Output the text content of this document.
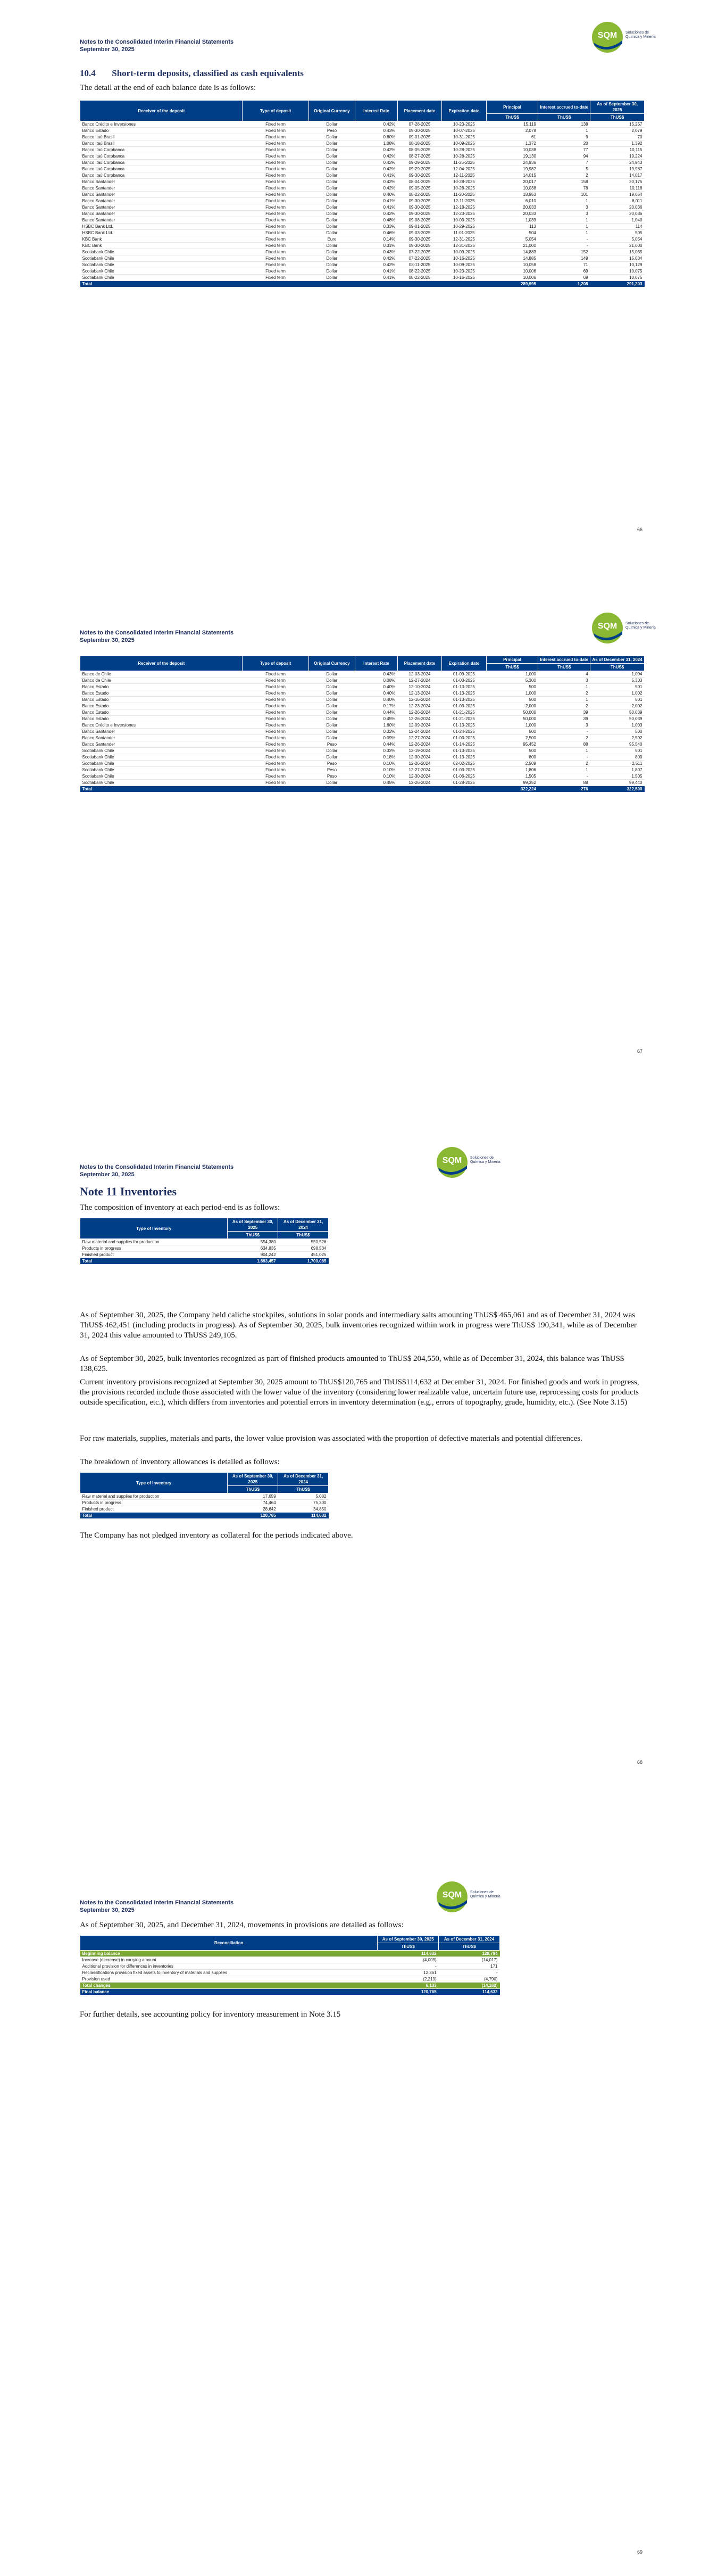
Notes to the Consolidated Interim Financial Statements
September 30, 2025
SQM Soluciones de Química y Minería
10.4 Short-term deposits, classified as cash equivalents

The detail at the end of each balance date is as follows:

Receiver of the deposit	Type of deposit	Original Currency	Interest Rate	Placement date	Expiration date	Principal	Interest accrued to-date	As of September 30, 2025
						ThUS$	ThUS$	ThUS$
Banco Crédito e Inversiones	Fixed term	Dollar	0.42%	07-28-2025	10-23-2025	15,119	138	15,257
Banco Estado	Fixed term	Peso	0.43%	09-30-2025	10-07-2025	2,078	1	2,079
Banco Itaú Brasil	Fixed term	Dollar	0.80%	09-01-2025	10-31-2025	61	9	70
Banco Itaú Brasil	Fixed term	Dollar	1.08%	08-18-2025	10-09-2025	1,372	20	1,392
Banco Itaú Corpbanca	Fixed term	Dollar	0.42%	08-05-2025	10-28-2025	10,038	77	10,115
Banco Itaú Corpbanca	Fixed term	Dollar	0.42%	08-27-2025	10-28-2025	19,130	94	19,224
Banco Itaú Corpbanca	Fixed term	Dollar	0.42%	09-29-2025	11-26-2025	24,936	7	24,943
Banco Itaú Corpbanca	Fixed term	Dollar	0.42%	09-29-2025	12-04-2025	19,982	5	19,987
Banco Itaú Corpbanca	Fixed term	Dollar	0.41%	09-30-2025	12-11-2025	14,015	2	14,017
Banco Santander	Fixed term	Dollar	0.42%	08-04-2025	10-28-2025	20,017	158	20,175
Banco Santander	Fixed term	Dollar	0.42%	09-05-2025	10-28-2025	10,038	78	10,116
Banco Santander	Fixed term	Dollar	0.40%	08-22-2025	11-20-2025	18,953	101	19,054
Banco Santander	Fixed term	Dollar	0.41%	09-30-2025	12-11-2025	6,010	1	6,011
Banco Santander	Fixed term	Dollar	0.41%	09-30-2025	12-18-2025	20,033	3	20,036
Banco Santander	Fixed term	Dollar	0.42%	09-30-2025	12-23-2025	20,033	3	20,036
Banco Santander	Fixed term	Dollar	0.48%	09-08-2025	10-03-2025	1,039	1	1,040
HSBC Bank Ltd.	Fixed term	Dollar	0.33%	09-01-2025	10-29-2025	113	1	114
HSBC Bank Ltd.	Fixed term	Dollar	0.46%	09-03-2025	11-01-2025	504	1	505
KBC Bank	Fixed term	Euro	0.14%	09-30-2025	12-31-2025	5,054	-	5,054
KBC Bank	Fixed term	Dollar	0.31%	09-30-2025	12-31-2025	21,000	-	21,000
Scotiabank Chile	Fixed term	Dollar	0.43%	07-22-2025	10-09-2025	14,883	152	15,035
Scotiabank Chile	Fixed term	Dollar	0.42%	07-22-2025	10-16-2025	14,885	149	15,034
Scotiabank Chile	Fixed term	Dollar	0.42%	08-11-2025	10-09-2025	10,058	71	10,129
Scotiabank Chile	Fixed term	Dollar	0.41%	08-22-2025	10-23-2025	10,006	69	10,075
Scotiabank Chile	Fixed term	Dollar	0.41%	08-22-2025	10-16-2025	10,006	69	10,075
Total						289,995	1,208	291,203
66
Notes to the Consolidated Interim Financial Statements
September 30, 2025
SQM Soluciones de Química y Minería
Receiver of the deposit	Type of deposit	Original Currency	Interest Rate	Placement date	Expiration date	Principal	Interest accrued to-date	As of December 31, 2024
						ThUS$	ThUS$	ThUS$
Banco de Chile	Fixed term	Dollar	0.43%	12-03-2024	01-09-2025	1,000	4	1,004
Banco de Chile	Fixed term	Dollar	0.08%	12-27-2024	01-03-2025	5,300	3	5,303
Banco Estado	Fixed term	Dollar	0.40%	12-10-2024	01-13-2025	500	1	501
Banco Estado	Fixed term	Dollar	0.40%	12-13-2024	01-13-2025	1,000	2	1,002
Banco Estado	Fixed term	Dollar	0.40%	12-16-2024	01-13-2025	500	1	501
Banco Estado	Fixed term	Dollar	0.17%	12-23-2024	01-03-2025	2,000	2	2,002
Banco Estado	Fixed term	Dollar	0.44%	12-26-2024	01-21-2025	50,000	39	50,039
Banco Estado	Fixed term	Dollar	0.45%	12-26-2024	01-21-2025	50,000	39	50,039
Banco Crédito e Inversiones	Fixed term	Dollar	1.60%	12-09-2024	01-13-2025	1,000	3	1,003
Banco Santander	Fixed term	Dollar	0.32%	12-24-2024	01-24-2025	500	-	500
Banco Santander	Fixed term	Dollar	0.09%	12-27-2024	01-03-2025	2,500	2	2,502
Banco Santander	Fixed term	Peso	0.44%	12-26-2024	01-14-2025	95,452	88	95,540
Scotiabank Chile	Fixed term	Dollar	0.32%	12-19-2024	01-13-2025	500	1	501
Scotiabank Chile	Fixed term	Dollar	0.18%	12-30-2024	01-13-2025	800	-	800
Scotiabank Chile	Fixed term	Peso	0.10%	12-26-2024	02-02-2025	2,509	2	2,511
Scotiabank Chile	Fixed term	Peso	0.10%	12-27-2024	01-03-2025	1,806	1	1,807
Scotiabank Chile	Fixed term	Peso	0.10%	12-30-2024	01-06-2025	1,505	-	1,505
Scotiabank Chile	Fixed term	Dollar	0.45%	12-26-2024	01-28-2025	99,352	88	99,440
Total						322,224	276	322,500
67
Notes to the Consolidated Interim Financial Statements
September 30, 2025
SQM Soluciones de Química y Minería
Note 11 Inventories

The composition of inventory at each period-end is as follows:

Type of Inventory	As of September 30, 2025	As of December 31, 2024
	ThUS$	ThUS$
Raw material and supplies for production	554,380	550,526
Products in progress	634,835	698,534
Finished product	904,242	451,025
Total	1,893,457	1,700,085

As of September 30, 2025, the Company held caliche stockpiles, solutions in solar ponds and intermediary salts amounting ThUS$ 465,061 and as of December 31, 2024 was ThUS$ 462,451 (including products in progress). As of September 30, 2025, bulk inventories recognized within work in progress were ThUS$ 190,341, while as of December 31, 2024 this value amounted to ThUS$ 249,105.

As of September 30, 2025, bulk inventories recognized as part of finished products amounted to ThUS$ 204,550, while as of December 31, 2024, this balance was ThUS$ 138,625.

Current inventory provisions recognized at September 30, 2025 amount to ThUS$120,765 and ThUS$114,632 at December 31, 2024. For finished goods and work in progress, the provisions recorded include those associated with the lower value of the inventory (considering lower realizable value, uncertain future use, reprocessing costs for products outside specification, etc.), which differs from inventories and potential errors in inventory determination (e.g., errors of topography, grade, humidity, etc.). (See Note 3.15)

For raw materials, supplies, materials and parts, the lower value provision was associated with the proportion of defective materials and potential differences.

The breakdown of inventory allowances is detailed as follows:

Type of Inventory	As of September 30, 2025	As of December 31, 2024
	ThUS$	ThUS$
Raw material and supplies for production	17,659	5,082
Products in progress	74,464	75,300
Finished product	28,642	34,850
Total	120,765	114,632

The Company has not pledged inventory as collateral for the periods indicated above.

68
Notes to the Consolidated Interim Financial Statements
September 30, 2025
SQM Soluciones de Química y Minería

As of September 30, 2025, and December 31, 2024, movements in provisions are detailed as follows:

Reconciliation	As of September 30, 2025	As of December 31, 2024
	ThUS$	ThUS$
Beginning balance	114,632	128,794
Increase (decrease) in carrying amount	(4,009)	(14,017)
Additional provision for differences in inventories	-	171
Reclassifications provision fixed assets to inventory of materials and supplies	12,361	-
Provision used	(2,219)	(4,790)
Total changes	6,133	(14,162)
Final balance	120,765	114,632

For further details, see accounting policy for inventory measurement in Note 3.15

69
